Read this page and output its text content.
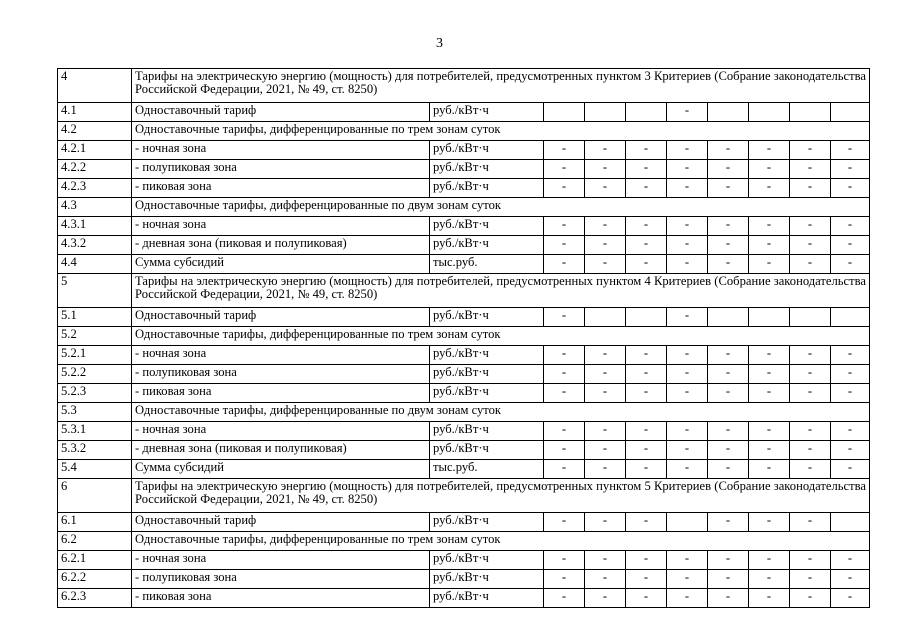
3
4	Тарифы на электрическую энергию (мощность) для потребителей, предусмотренных пунктом 3 Критериев (Собрание законодательства Российской Федерации, 2021, № 49, ст. 8250)									
4.1	Одноставочный тариф	руб./кВт·ч				-				
4.2	Одноставочные тарифы, дифференцированные по трем зонам суток									
4.2.1	- ночная зона	руб./кВт·ч	-	-	-	-	-	-	-	-
4.2.2	- полупиковая зона	руб./кВт·ч	-	-	-	-	-	-	-	-
4.2.3	- пиковая зона	руб./кВт·ч	-	-	-	-	-	-	-	-
4.3	Одноставочные тарифы, дифференцированные по двум зонам суток									
4.3.1	- ночная зона	руб./кВт·ч	-	-	-	-	-	-	-	-
4.3.2	- дневная зона (пиковая и полупиковая)	руб./кВт·ч	-	-	-	-	-	-	-	-
4.4	Сумма субсидий	тыс.руб.	-	-	-	-	-	-	-	-
5	Тарифы на электрическую энергию (мощность) для потребителей, предусмотренных пунктом 4 Критериев (Собрание законодательства Российской Федерации, 2021, № 49, ст. 8250)									
5.1	Одноставочный тариф	руб./кВт·ч	-			-				
5.2	Одноставочные тарифы, дифференцированные по трем зонам суток									
5.2.1	- ночная зона	руб./кВт·ч	-	-	-	-	-	-	-	-
5.2.2	- полупиковая зона	руб./кВт·ч	-	-	-	-	-	-	-	-
5.2.3	- пиковая зона	руб./кВт·ч	-	-	-	-	-	-	-	-
5.3	Одноставочные тарифы, дифференцированные по двум зонам суток									
5.3.1	- ночная зона	руб./кВт·ч	-	-	-	-	-	-	-	-
5.3.2	- дневная зона (пиковая и полупиковая)	руб./кВт·ч	-	-	-	-	-	-	-	-
5.4	Сумма субсидий	тыс.руб.	-	-	-	-	-	-	-	-
6	Тарифы на электрическую энергию (мощность) для потребителей, предусмотренных пунктом 5 Критериев (Собрание законодательства Российской Федерации, 2021, № 49, ст. 8250)									
6.1	Одноставочный тариф	руб./кВт·ч	-	-	-		-	-	-	
6.2	Одноставочные тарифы, дифференцированные по трем зонам суток									
6.2.1	- ночная зона	руб./кВт·ч	-	-	-	-	-	-	-	-
6.2.2	- полупиковая зона	руб./кВт·ч	-	-	-	-	-	-	-	-
6.2.3	- пиковая зона	руб./кВт·ч	-	-	-	-	-	-	-	-
